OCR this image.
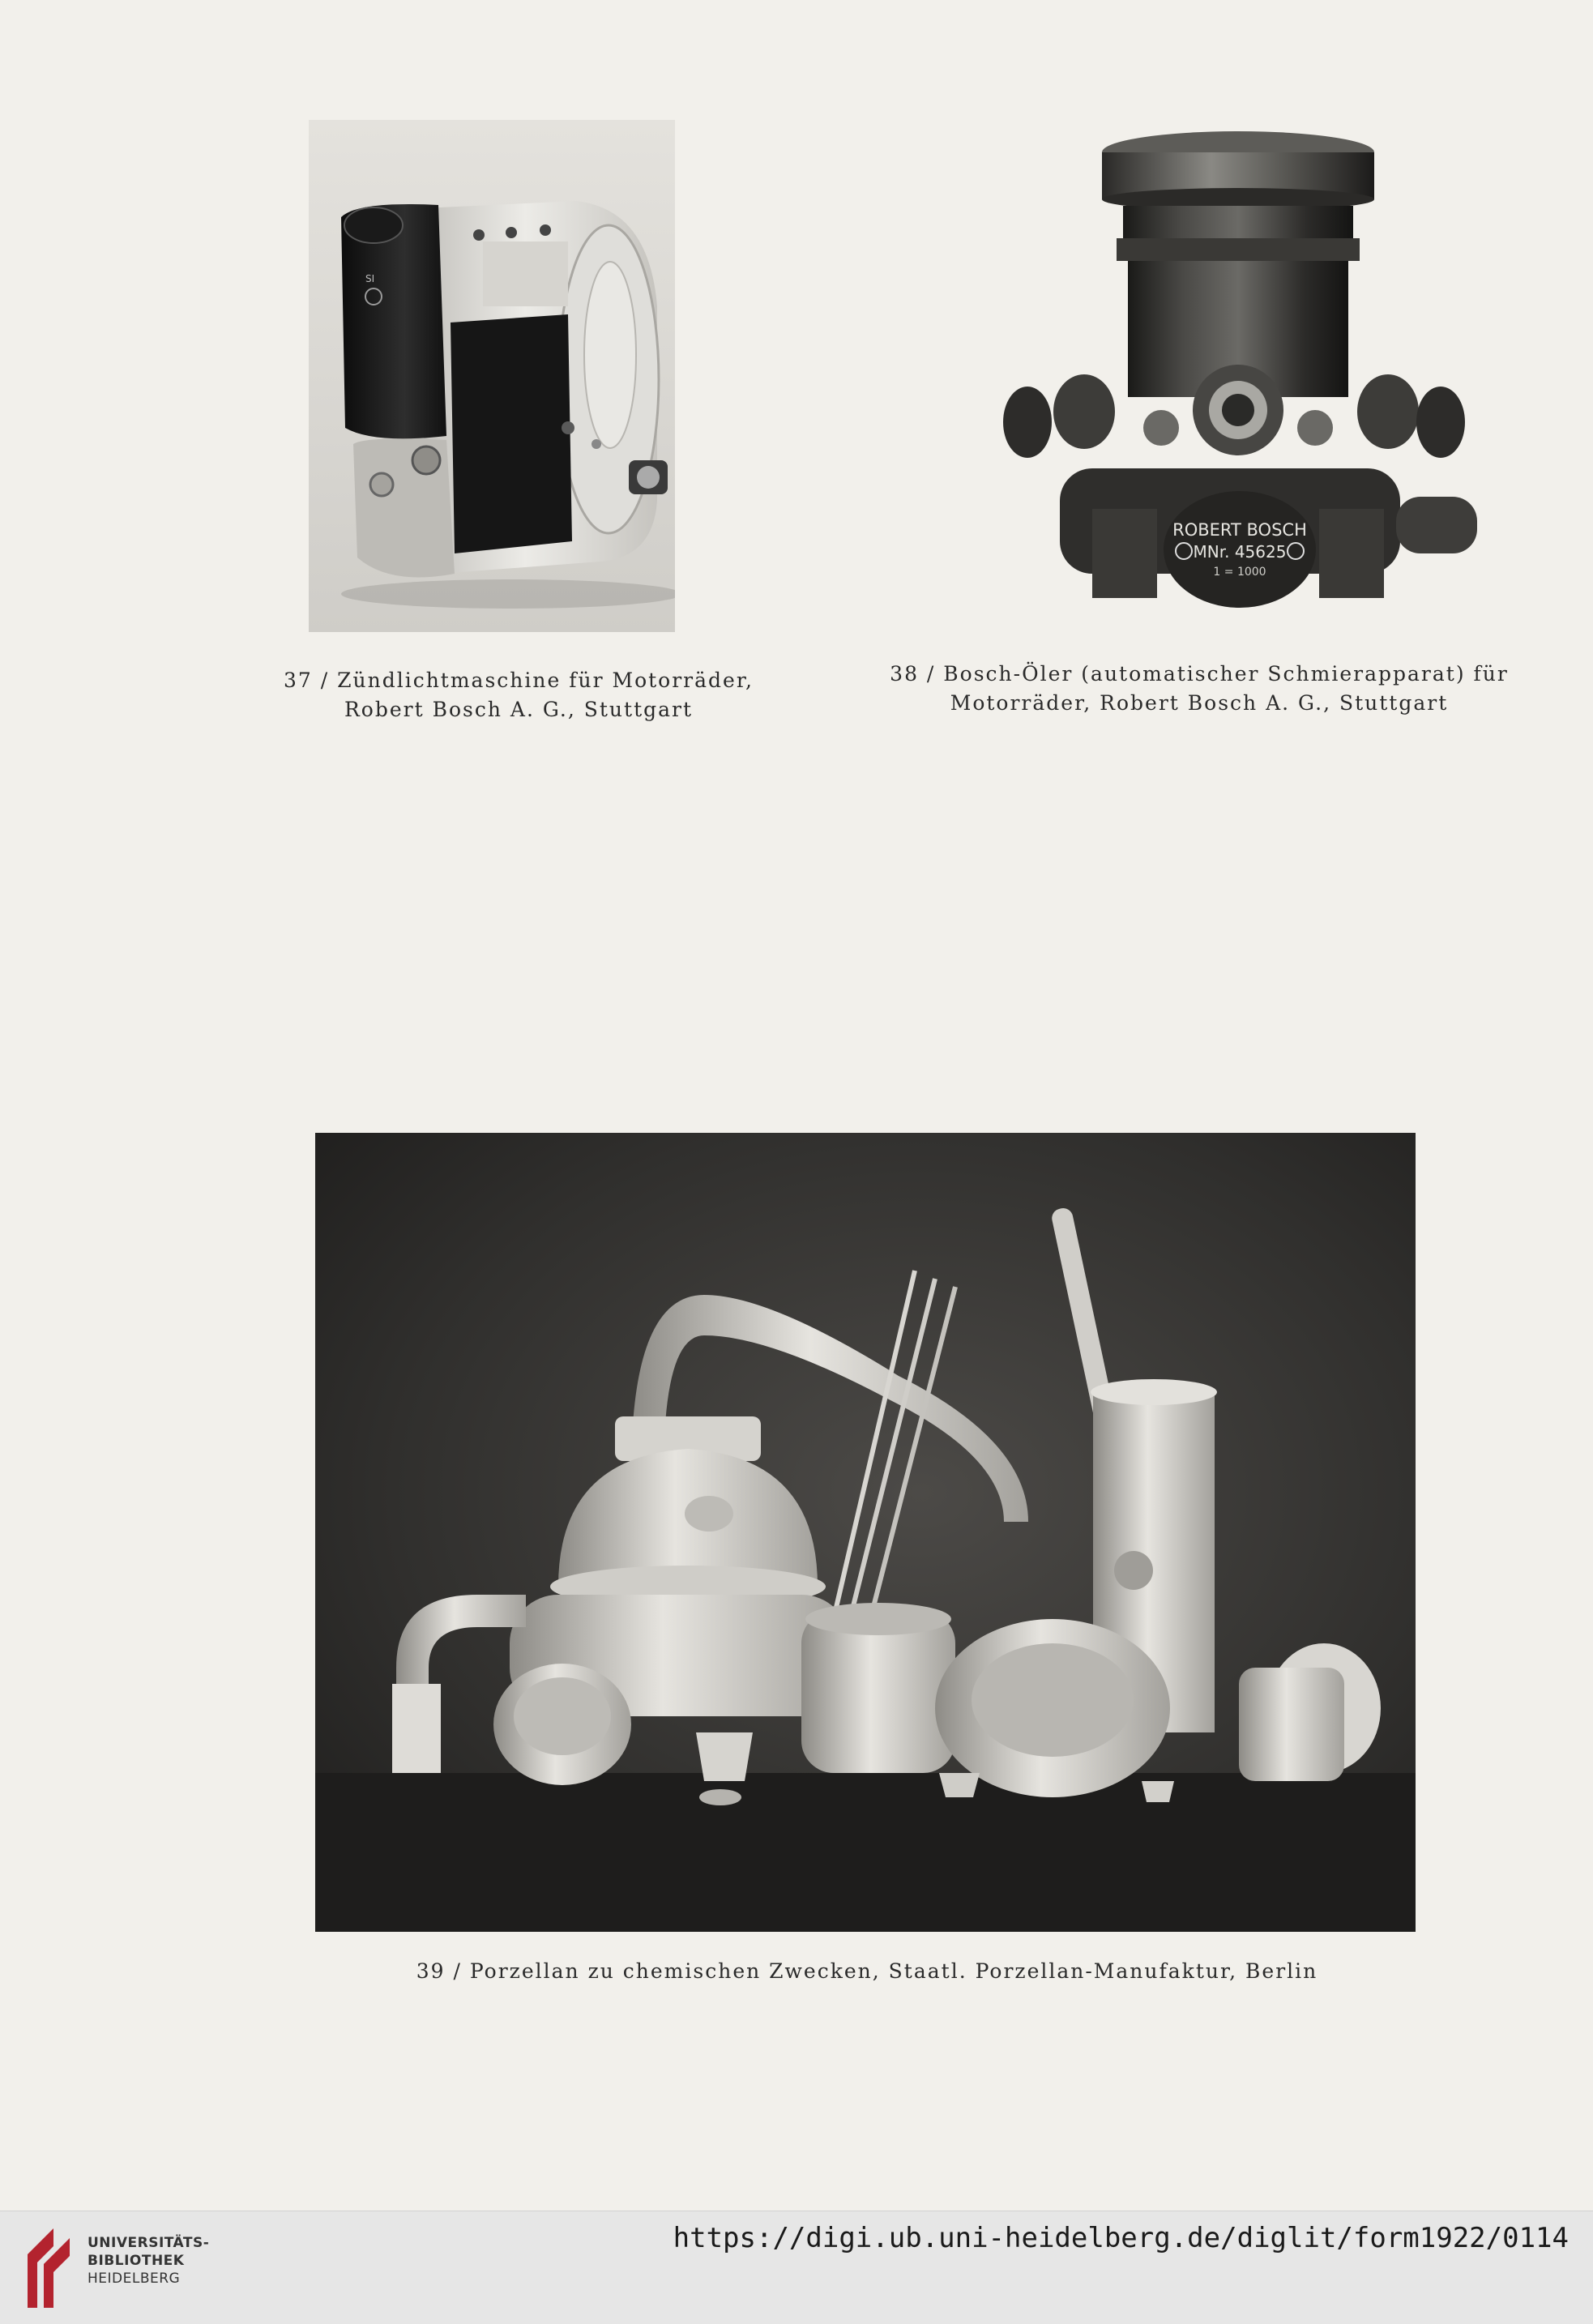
SI
ROBERT BOSCH
MNr. 45625
1 = 1000
37 / Zündlichtmaschine für Motorräder,
Robert Bosch A. G., Stuttgart
38 / Bosch-Öler (automatischer Schmierapparat) für
Motorräder, Robert Bosch A. G., Stuttgart
39 / Porzellan zu chemischen Zwecken, Staatl. Porzellan-Manufaktur, Berlin
UNIVERSITÄTS-
BIBLIOTHEK
HEIDELBERG
https://digi.ub.uni-heidelberg.de/diglit/form1922/0114
